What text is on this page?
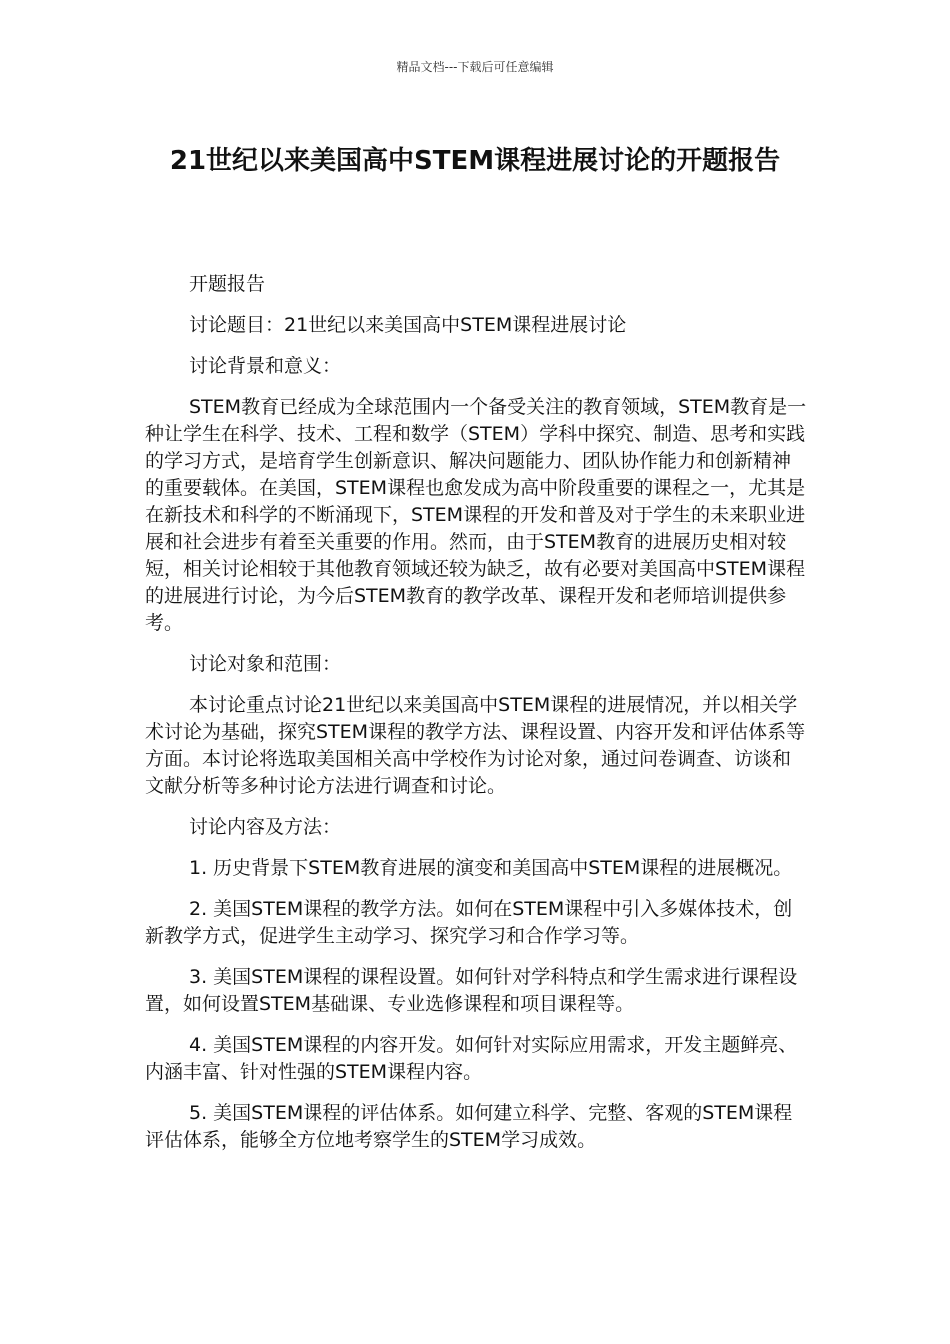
精品文档---下载后可任意编辑
21世纪以来美国高中STEM课程进展讨论的开题报告

开题报告

讨论题目：21世纪以来美国高中STEM课程进展讨论

讨论背景和意义：

STEM教育已经成为全球范围内一个备受关注的教育领域，STEM教育是一种让学生在科学、技术、工程和数学（STEM）学科中探究、制造、思考和实践的学习方式，是培育学生创新意识、解决问题能力、团队协作能力和创新精神的重要载体。在美国，STEM课程也愈发成为高中阶段重要的课程之一，尤其是在新技术和科学的不断涌现下，STEM课程的开发和普及对于学生的未来职业进展和社会进步有着至关重要的作用。然而，由于STEM教育的进展历史相对较短，相关讨论相较于其他教育领域还较为缺乏，故有必要对美国高中STEM课程的进展进行讨论，为今后STEM教育的教学改革、课程开发和老师培训提供参考。

讨论对象和范围：

本讨论重点讨论21世纪以来美国高中STEM课程的进展情况，并以相关学术讨论为基础，探究STEM课程的教学方法、课程设置、内容开发和评估体系等方面。本讨论将选取美国相关高中学校作为讨论对象，通过问卷调查、访谈和文献分析等多种讨论方法进行调查和讨论。

讨论内容及方法：

1. 历史背景下STEM教育进展的演变和美国高中STEM课程的进展概况。

2. 美国STEM课程的教学方法。如何在STEM课程中引入多媒体技术，创新教学方式，促进学生主动学习、探究学习和合作学习等。

3. 美国STEM课程的课程设置。如何针对学科特点和学生需求进行课程设置，如何设置STEM基础课、专业选修课程和项目课程等。

4. 美国STEM课程的内容开发。如何针对实际应用需求，开发主题鲜亮、内涵丰富、针对性强的STEM课程内容。

5. 美国STEM课程的评估体系。如何建立科学、完整、客观的STEM课程评估体系，能够全方位地考察学生的STEM学习成效。
